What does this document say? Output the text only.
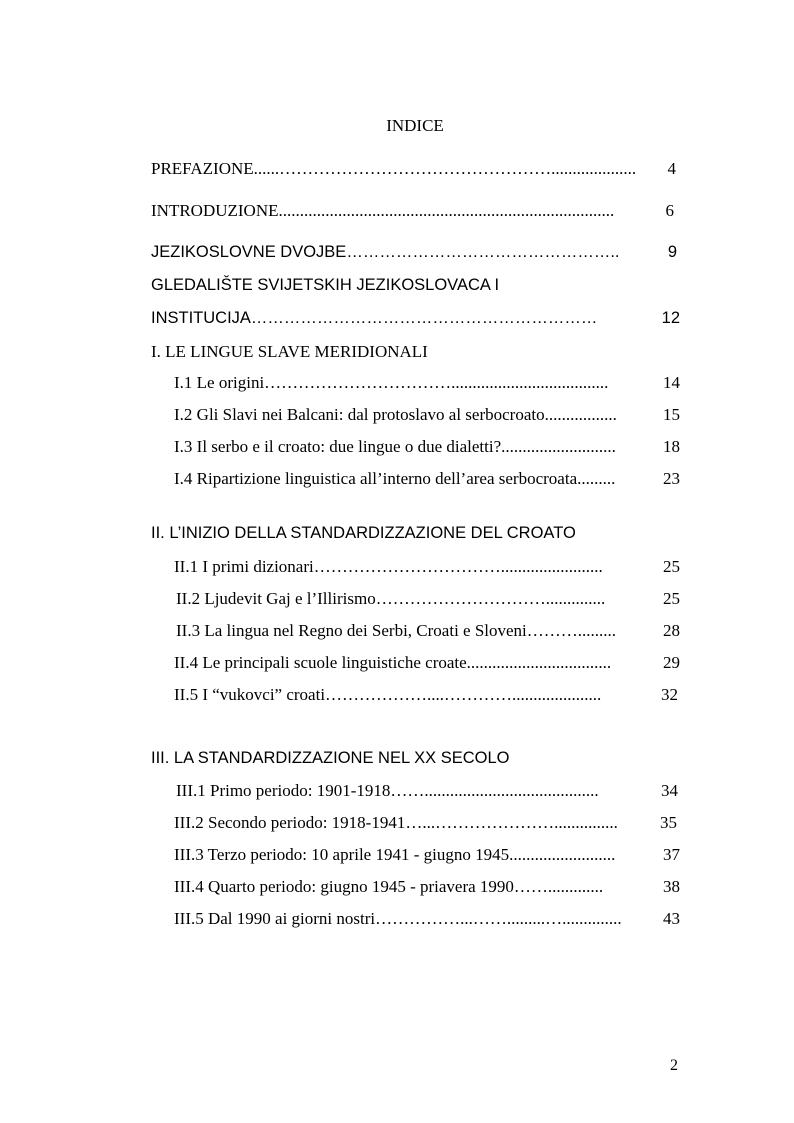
INDICE
PREFAZIONE ......…………………………………………....................	4
INTRODUZIONE ...............................................................................	6
JEZIKOSLOVNE DVOJBE …………………………………………..	9
GLEDALIŠTE SVIJETSKIH JEZIKOSLOVACA I
INSTITUCIJA ………………………………………………………	12
I. LE LINGUE SLAVE MERIDIONALI
I.1 Le origini …………………………….....................................	14
I.2 Gli Slavi nei Balcani: dal protoslavo al serbocroato .................	15
I.3 Il serbo e il croato: due lingue o due dialetti? ...........................	18
I.4 Ripartizione linguistica all’interno dell’area serbocroata .........	23
II. L’INIZIO DELLA STANDARDIZZAZIONE DEL CROATO
II.1 I primi dizionari ……………………………........................	25
II.2 Ljudevit Gaj e l’Illirismo …………………………..............	25
II.3 La lingua nel Regno dei Serbi, Croati e Sloveni ……….........	28
II.4 Le principali scuole linguistiche croate ..................................	29
II.5 I “vukovci” croati ………………....………….....................	32
III. LA STANDARDIZZAZIONE NEL XX SECOLO
III.1 Primo periodo: 1901-1918 …….........................................	34
III.2 Secondo periodo: 1918-1941 …...…………………...............	35
III.3 Terzo periodo: 10 aprile 1941 - giugno 1945 .........................	37
III.4 Quarto periodo: giugno 1945 - priavera 1990 …….............	38
III.5 Dal 1990 ai giorni nostri ……………...…….........…..............	43
2
